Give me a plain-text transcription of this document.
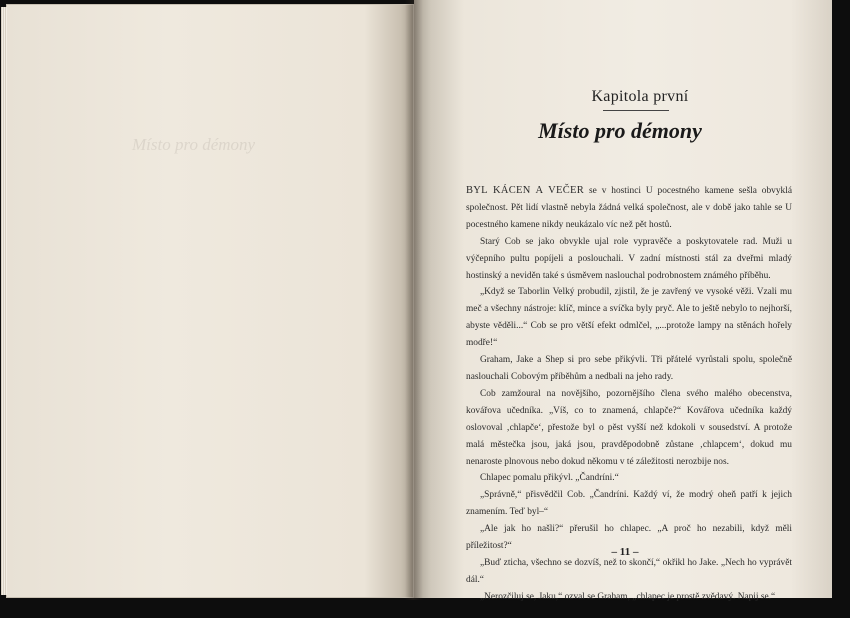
Místo pro démony
Kapitola první
Místo pro démony

BYL KÁCEN A VEČER se v hostinci U pocestného kamene sešla obvyklá společnost. Pět lidí vlastně nebyla žádná velká společnost, ale v době jako tahle se U pocestného kamene nikdy neukázalo víc než pět hostů.

Starý Cob se jako obvykle ujal role vypravěče a poskytovatele rad. Muži u výčepního pultu popíjeli a poslouchali. V zadní místnosti stál za dveřmi mladý hostinský a neviděn také s úsměvem naslouchal podrobnostem známého příběhu.

„Když se Taborlin Velký probudil, zjistil, že je zavřený ve vysoké věži. Vzali mu meč a všechny nástroje: klíč, mince a svíčka byly pryč. Ale to ještě nebylo to nejhorší, abyste věděli...“ Cob se pro větší efekt odmlčel, „...protože lampy na stěnách hořely modře!“

Graham, Jake a Shep si pro sebe přikývli. Tři přátelé vyrůstali spolu, společně naslouchali Cobovým příběhům a nedbali na jeho rady.

Cob zamžoural na novějšího, pozornějšího člena svého malého obecenstva, kovářova učedníka. „Víš, co to znamená, chlapče?“ Kovářova učedníka každý oslovoval ‚chlapče‘, přestože byl o pěst vyšší než kdokoli v sousedství. A protože malá městečka jsou, jaká jsou, pravděpodobně zůstane ‚chlapcem‘, dokud mu nenaroste plnovous nebo dokud někomu v té záležitosti nerozbije nos.

Chlapec pomalu přikývl. „Čandríni.“

„Správně,“ přisvědčil Cob. „Čandríni. Každý ví, že modrý oheň patří k jejich znamením. Teď byl–“

„Ale jak ho našli?“ přerušil ho chlapec. „A proč ho nezabili, když měli příležitost?“

„Buď zticha, všechno se dozvíš, než to skončí,“ okřikl ho Jake. „Nech ho vyprávět dál.“

„Nerozčiluj se, Jaku,“ ozval se Graham, „chlapec je prostě zvědavý. Napij se.“

– 11 –
